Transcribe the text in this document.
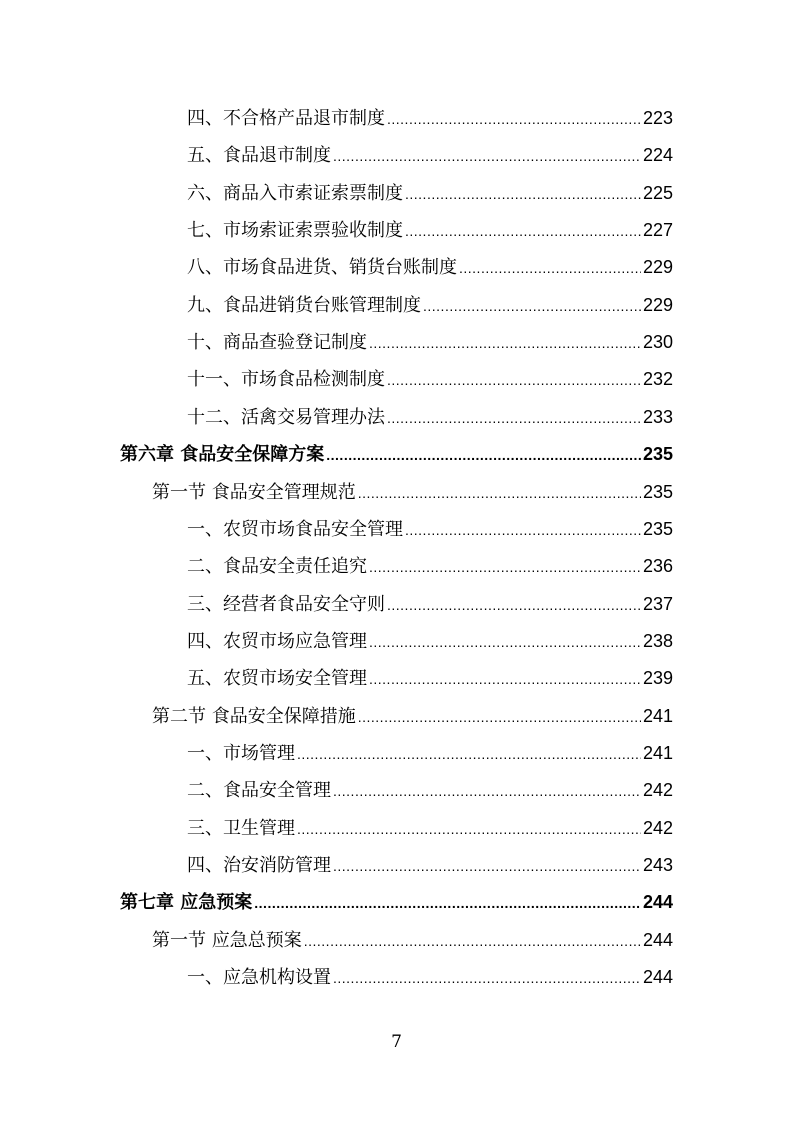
四、不合格产品退市制度 .....	223
五、食品退市制度 .....	224
六、商品入市索证索票制度 .....	225
七、市场索证索票验收制度 .....	227
八、市场食品进货、销货台账制度 .....	229
九、食品进销货台账管理制度 .....	229
十、商品查验登记制度 .....	230
十一、市场食品检测制度 .....	232
十二、活禽交易管理办法 .....	233
第六章 食品安全保障方案 .....	235
第一节 食品安全管理规范 .....	235
一、农贸市场食品安全管理 .....	235
二、食品安全责任追究 .....	236
三、经营者食品安全守则 .....	237
四、农贸市场应急管理 .....	238
五、农贸市场安全管理 .....	239
第二节 食品安全保障措施 .....	241
一、市场管理 .....	241
二、食品安全管理 .....	242
三、卫生管理 .....	242
四、治安消防管理 .....	243
第七章 应急预案 .....	244
第一节 应急总预案 .....	244
一、应急机构设置 .....	244
7
